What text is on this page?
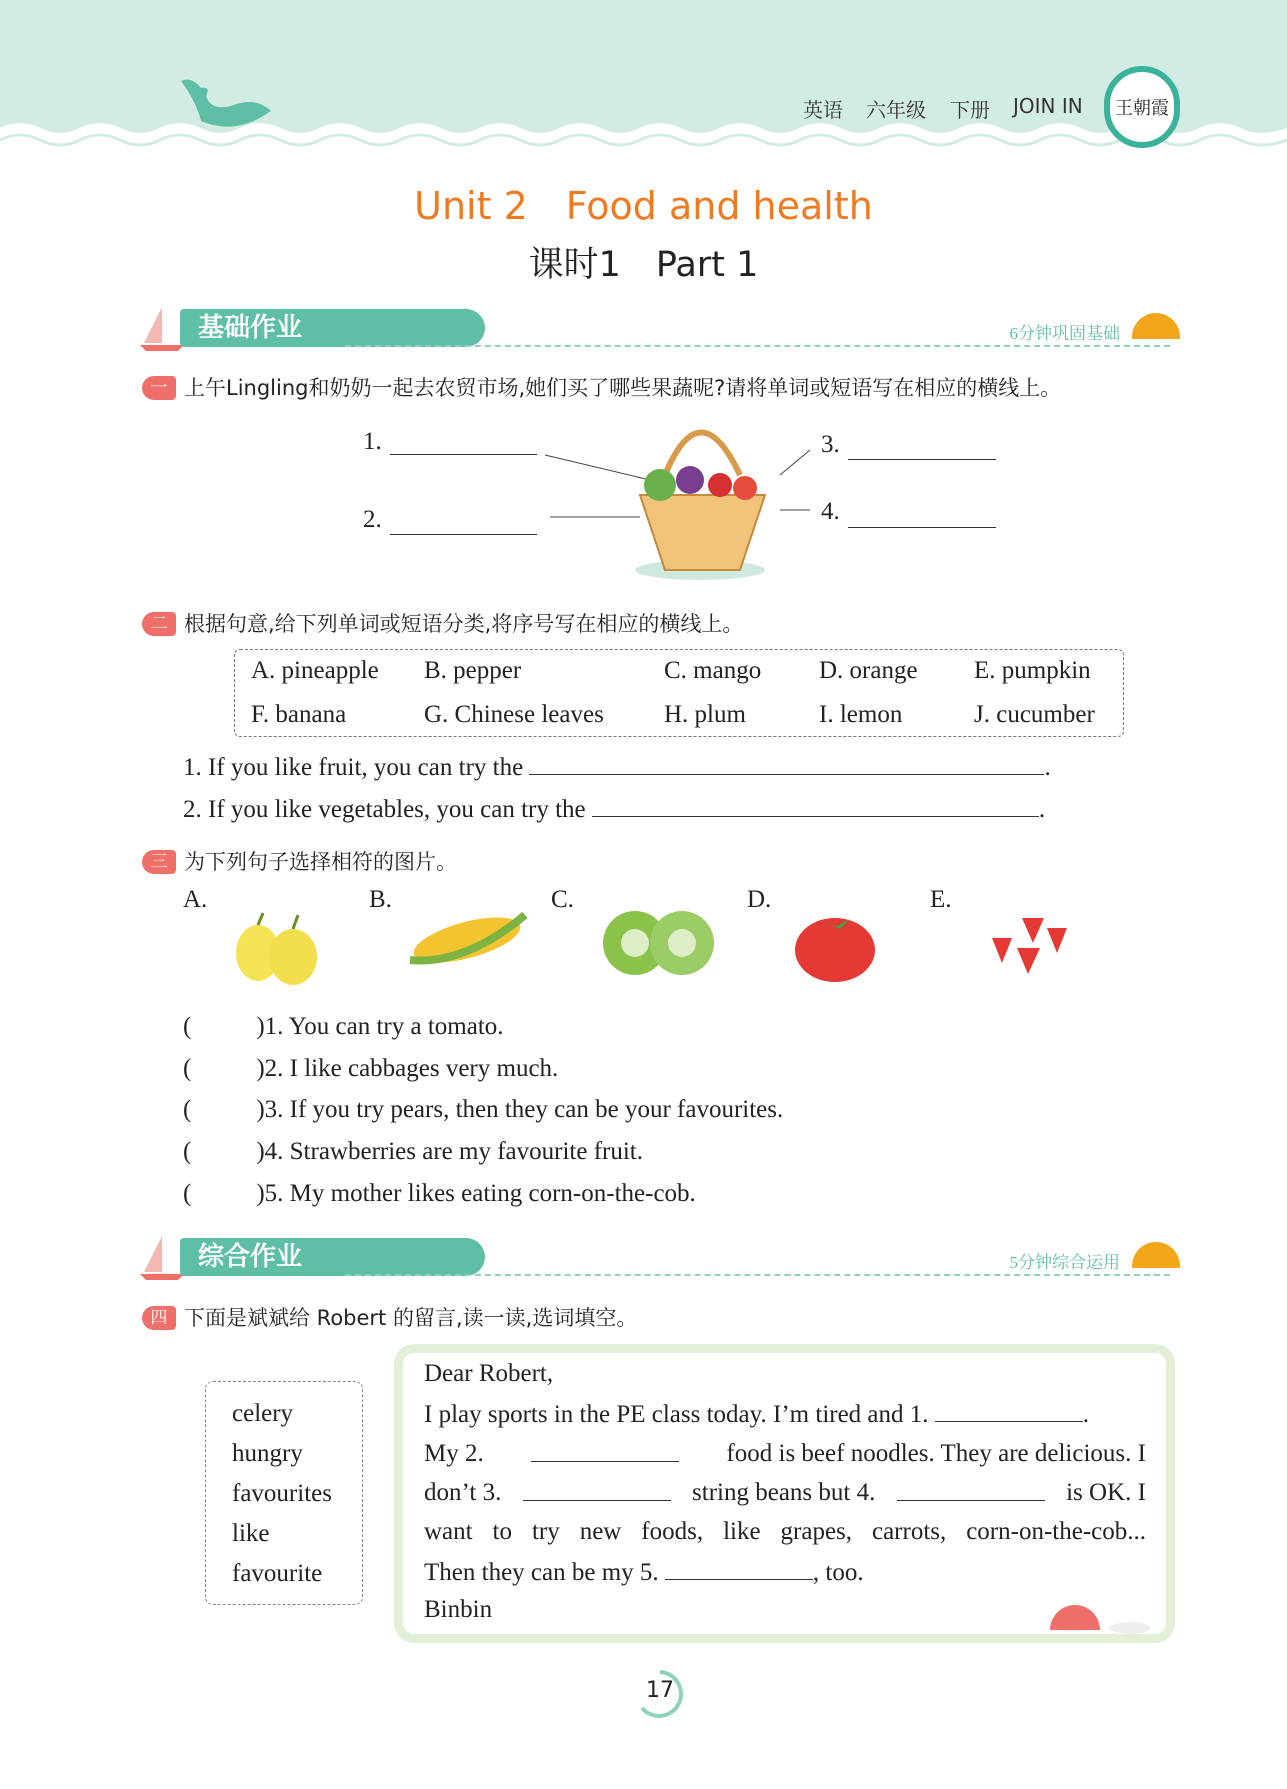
英语 六年级 下册 JOIN IN	王朝霞
Unit 2　Food and health
课时1　Part 1
基础作业	6分钟巩固基础
一 上午Lingling和奶奶一起去农贸市场,她们买了哪些果蔬呢?请将单词或短语写在相应的横线上。
1.
2.
3.
4.
二 根据句意,给下列单词或短语分类,将序号写在相应的横线上。
A. pineapple B. pepper	C. mango D. orange E. pumpkin
F. banana	G. Chinese leaves H. plum	I. lemon	J. cucumber
1. If you like fruit, you can try the	.
2. If you like vegetables, you can try the	.
三 为下列句子选择相符的图片。
A.	B.	C.	D.	E.
(	)1. You can try a tomato.
(	)2. I like cabbages very much.
(	)3. If you try pears, then they can be your favourites.
(	)4. Strawberries are my favourite fruit.
(	)5. My mother likes eating corn-on-the-cob.
综合作业	5分钟综合运用
四 下面是斌斌给 Robert 的留言,读一读,选词填空。
celery
hungry
favourites
like
favourite
Dear Robert,
I play sports in the PE class today. I’m tired and 1.	.
My 2.	food is beef noodles. They are delicious. I
don’t 3.	string beans but 4.	is OK. I
want to try new foods, like grapes, carrots, corn-on-the-cob...
Then they can be my 5.	, too.
Binbin
17
